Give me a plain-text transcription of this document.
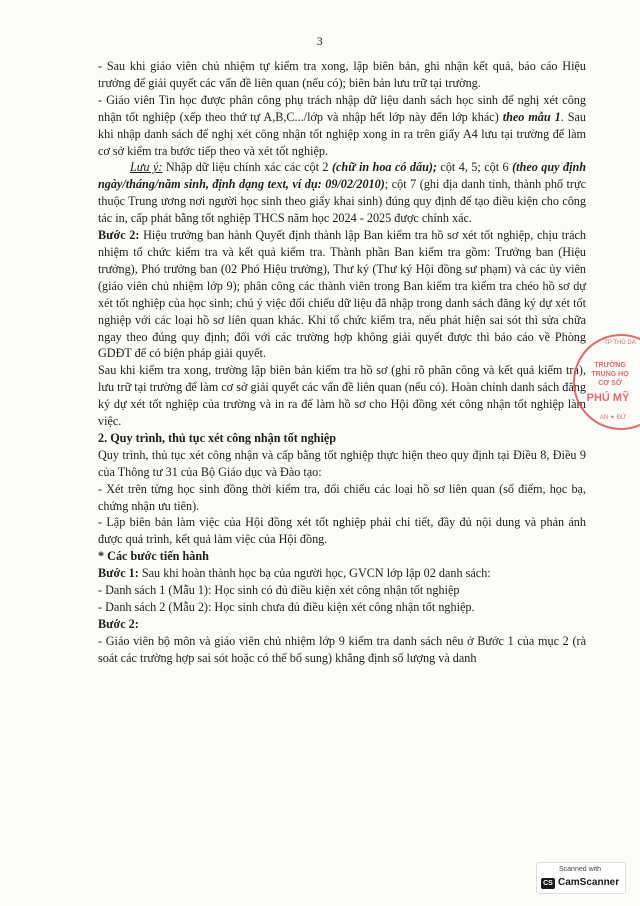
3

- Sau khi giáo viên chủ nhiệm tự kiểm tra xong, lập biên bản, ghi nhận kết quả, báo cáo Hiệu trưởng để giải quyết các vấn đề liên quan (nếu có); biên bản lưu trữ tại trường.

- Giáo viên Tin học được phân công phụ trách nhập dữ liệu danh sách học sinh để nghị xét công nhận tốt nghiệp (xếp theo thứ tự A,B,C.../lớp và nhập hết lớp này đến lớp khác) theo mẫu 1. Sau khi nhập danh sách để nghị xét công nhận tốt nghiệp xong in ra trên giấy A4 lưu tại trường để làm cơ sở kiểm tra bước tiếp theo và xét tốt nghiệp.

Lưu ý: Nhập dữ liệu chính xác các cột 2 (chữ in hoa có dấu); cột 4, 5; cột 6 (theo quy định ngày/tháng/năm sinh, định dạng text, ví dụ: 09/02/2010); cột 7 (ghi địa danh tỉnh, thành phố trực thuộc Trung ương nơi người học sinh theo giấy khai sinh) đúng quy định để tạo điều kiện cho công tác in, cấp phát bằng tốt nghiệp THCS năm học 2024 - 2025 được chính xác.

Bước 2: Hiệu trưởng ban hành Quyết định thành lập Ban kiểm tra hồ sơ xét tốt nghiệp, chịu trách nhiệm tổ chức kiểm tra và kết quả kiểm tra. Thành phần Ban kiểm tra gồm: Trưởng ban (Hiệu trưởng), Phó trưởng ban (02 Phó Hiệu trưởng), Thư ký (Thư ký Hội đồng sư phạm) và các ủy viên (giáo viên chủ nhiệm lớp 9); phân công các thành viên trong Ban kiểm tra kiểm tra chéo hồ sơ dự xét tốt nghiệp của học sinh; chú ý việc đối chiếu dữ liệu đã nhập trong danh sách đăng ký dự xét tốt nghiệp với các loại hồ sơ liên quan khác. Khi tổ chức kiểm tra, nếu phát hiện sai sót thì sửa chữa ngay theo đúng quy định; đối với các trường hợp không giải quyết được thì báo cáo về Phòng GDĐT để có biện pháp giải quyết.

Sau khi kiểm tra xong, trường lập biên bản kiểm tra hồ sơ (ghi rõ phân công và kết quả kiểm tra), lưu trữ tại trường để làm cơ sở giải quyết các vấn đề liên quan (nếu có). Hoàn chỉnh danh sách đăng ký dự xét tốt nghiệp của trường và in ra để làm hồ sơ cho Hội đồng xét công nhận tốt nghiệp làm việc.

2. Quy trình, thủ tục xét công nhận tốt nghiệp

Quy trình, thủ tục xét công nhận và cấp bằng tốt nghiệp thực hiện theo quy định tại Điều 8, Điều 9 của Thông tư 31 của Bộ Giáo dục và Đào tạo:

- Xét trên từng học sinh đồng thời kiểm tra, đối chiếu các loại hồ sơ liên quan (sổ điểm, học bạ, chứng nhận ưu tiên).

- Lập biên bản làm việc của Hội đồng xét tốt nghiệp phải chi tiết, đầy đủ nội dung và phản ánh được quá trình, kết quả làm việc của Hội đồng.

* Các bước tiến hành

Bước 1: Sau khi hoàn thành học bạ của người học, GVCN lớp lập 02 danh sách:

- Danh sách 1 (Mẫu 1): Học sinh có đủ điều kiện xét công nhận tốt nghiệp

- Danh sách 2 (Mẫu 2): Học sinh chưa đủ điều kiện xét công nhận tốt nghiệp.

Bước 2:

- Giáo viên bộ môn và giáo viên chủ nhiệm lớp 9 kiểm tra danh sách nêu ở Bước 1 của mục 2 (rà soát các trường hợp sai sót hoặc có thể bổ sung) khẳng định số lượng và danh

TP THỦ DA
TRƯỜNG
TRUNG HỌ
CƠ SỞ
PHÚ MỸ
AN ✦ ĐỨ
Scanned with
CS CamScanner
